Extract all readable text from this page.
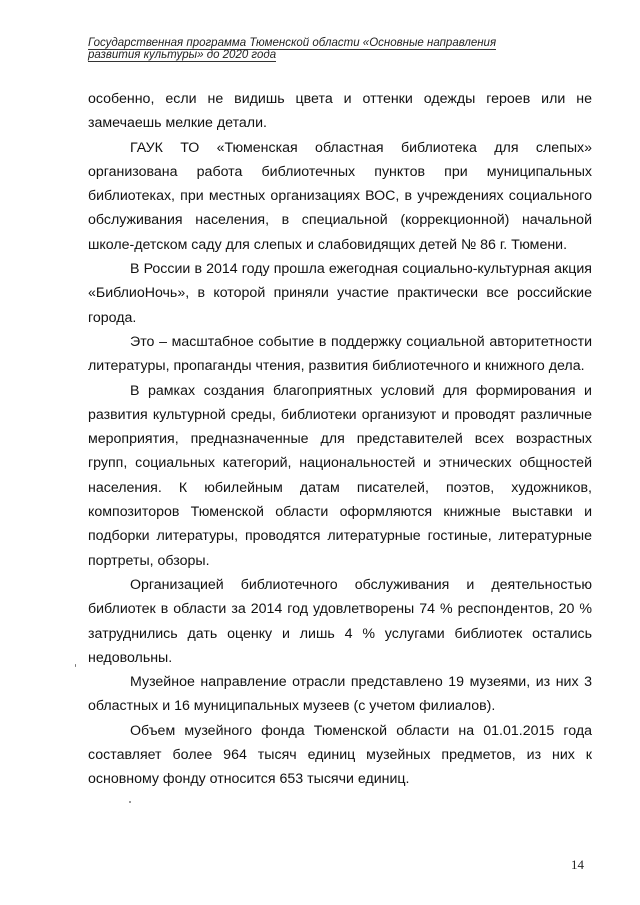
Государственная программа Тюменской области «Основные направления
развития культуры» до 2020 года

особенно, если не видишь цвета и оттенки одежды героев или не замечаешь мелкие детали.

ГАУК ТО «Тюменская областная библиотека для слепых» организована работа библиотечных пунктов при муниципальных библиотеках, при местных организациях ВОС, в учреждениях социального обслуживания населения, в специальной (коррекционной) начальной школе-детском саду для слепых и слабовидящих детей № 86 г. Тюмени.

В России в 2014 году прошла ежегодная социально-культурная акция «БиблиоНочь», в которой приняли участие практически все российские города.

Это – масштабное событие в поддержку социальной авторитетности литературы, пропаганды чтения, развития библиотечного и книжного дела.

В рамках создания благоприятных условий для формирования и развития культурной среды, библиотеки организуют и проводят различные мероприятия, предназначенные для представителей всех возрастных групп, социальных категорий, национальностей и этнических общностей населения. К юбилейным датам писателей, поэтов, художников, композиторов Тюменской области оформляются книжные выставки и подборки литературы, проводятся литературные гостиные, литературные портреты, обзоры.

Организацией библиотечного обслуживания и деятельностью библиотек в области за 2014 год удовлетворены 74 % респондентов, 20 % затруднились дать оценку и лишь 4 % услугами библиотек остались недовольны.

Музейное направление отрасли представлено 19 музеями, из них 3 областных и 16 муниципальных музеев (с учетом филиалов).

Объем музейного фонда Тюменской области на 01.01.2015 года составляет более 964 тысяч единиц музейных предметов, из них к основному фонду относится 653 тысячи единиц.

14
